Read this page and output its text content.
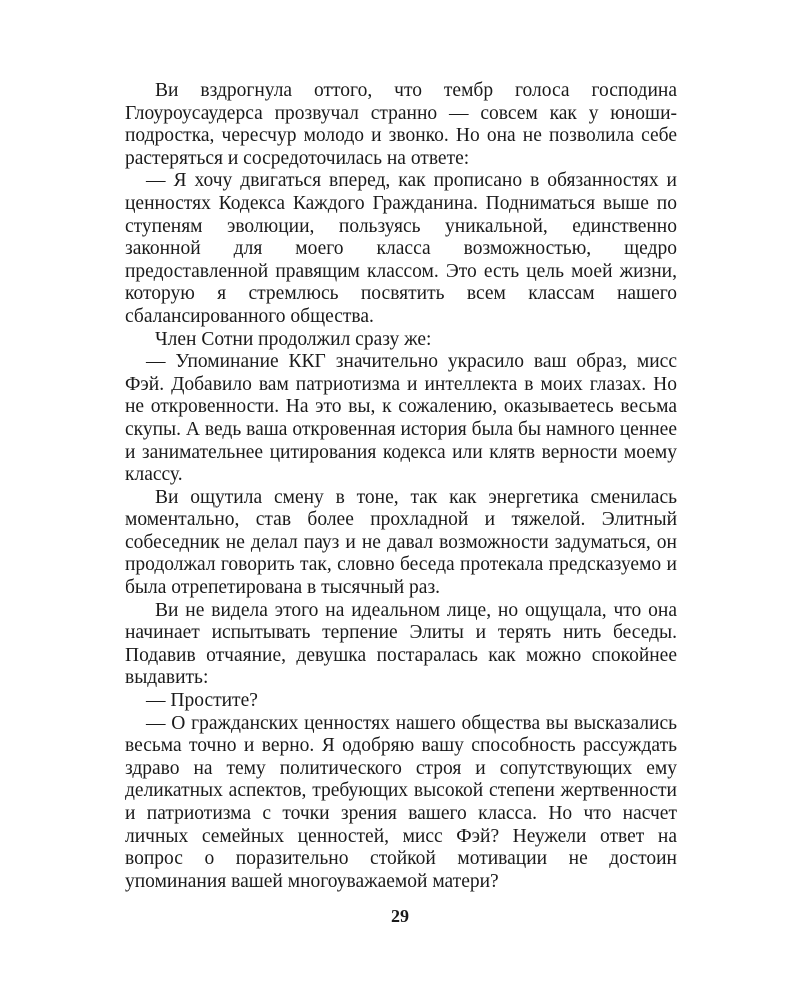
Ви вздрогнула оттого, что тембр голоса господина Глоуроусаудерса прозвучал странно — совсем как у юноши-подростка, чересчур молодо и звонко. Но она не позволила себе растеряться и сосредоточилась на ответе:

— Я хочу двигаться вперед, как прописано в обязанностях и ценностях Кодекса Каждого Гражданина. Подниматься выше по ступеням эволюции, пользуясь уникальной, единственно законной для моего класса возможностью, щедро предоставленной правящим классом. Это есть цель моей жизни, которую я стремлюсь посвятить всем классам нашего сбалансированного общества.

Член Сотни продолжил сразу же:

— Упоминание ККГ значительно украсило ваш образ, мисс Фэй. Добавило вам патриотизма и интеллекта в моих глазах. Но не откровенности. На это вы, к сожалению, оказываетесь весьма скупы. А ведь ваша откровенная история была бы намного ценнее и занимательнее цитирования кодекса или клятв верности моему классу.

Ви ощутила смену в тоне, так как энергетика сменилась моментально, став более прохладной и тяжелой. Элитный собеседник не делал пауз и не давал возможности задуматься, он продолжал говорить так, словно беседа протекала предсказуемо и была отрепетирована в тысячный раз.

Ви не видела этого на идеальном лице, но ощущала, что она начинает испытывать терпение Элиты и терять нить беседы. Подавив отчаяние, девушка постаралась как можно спокойнее выдавить:

— Простите?

— О гражданских ценностях нашего общества вы высказались весьма точно и верно. Я одобряю вашу способность рассуждать здраво на тему политического строя и сопутствующих ему деликатных аспектов, требующих высокой степени жертвенности и патриотизма с точки зрения вашего класса. Но что насчет личных семейных ценностей, мисс Фэй? Неужели ответ на вопрос о поразительно стойкой мотивации не достоин упоминания вашей многоуважаемой матери?

29
